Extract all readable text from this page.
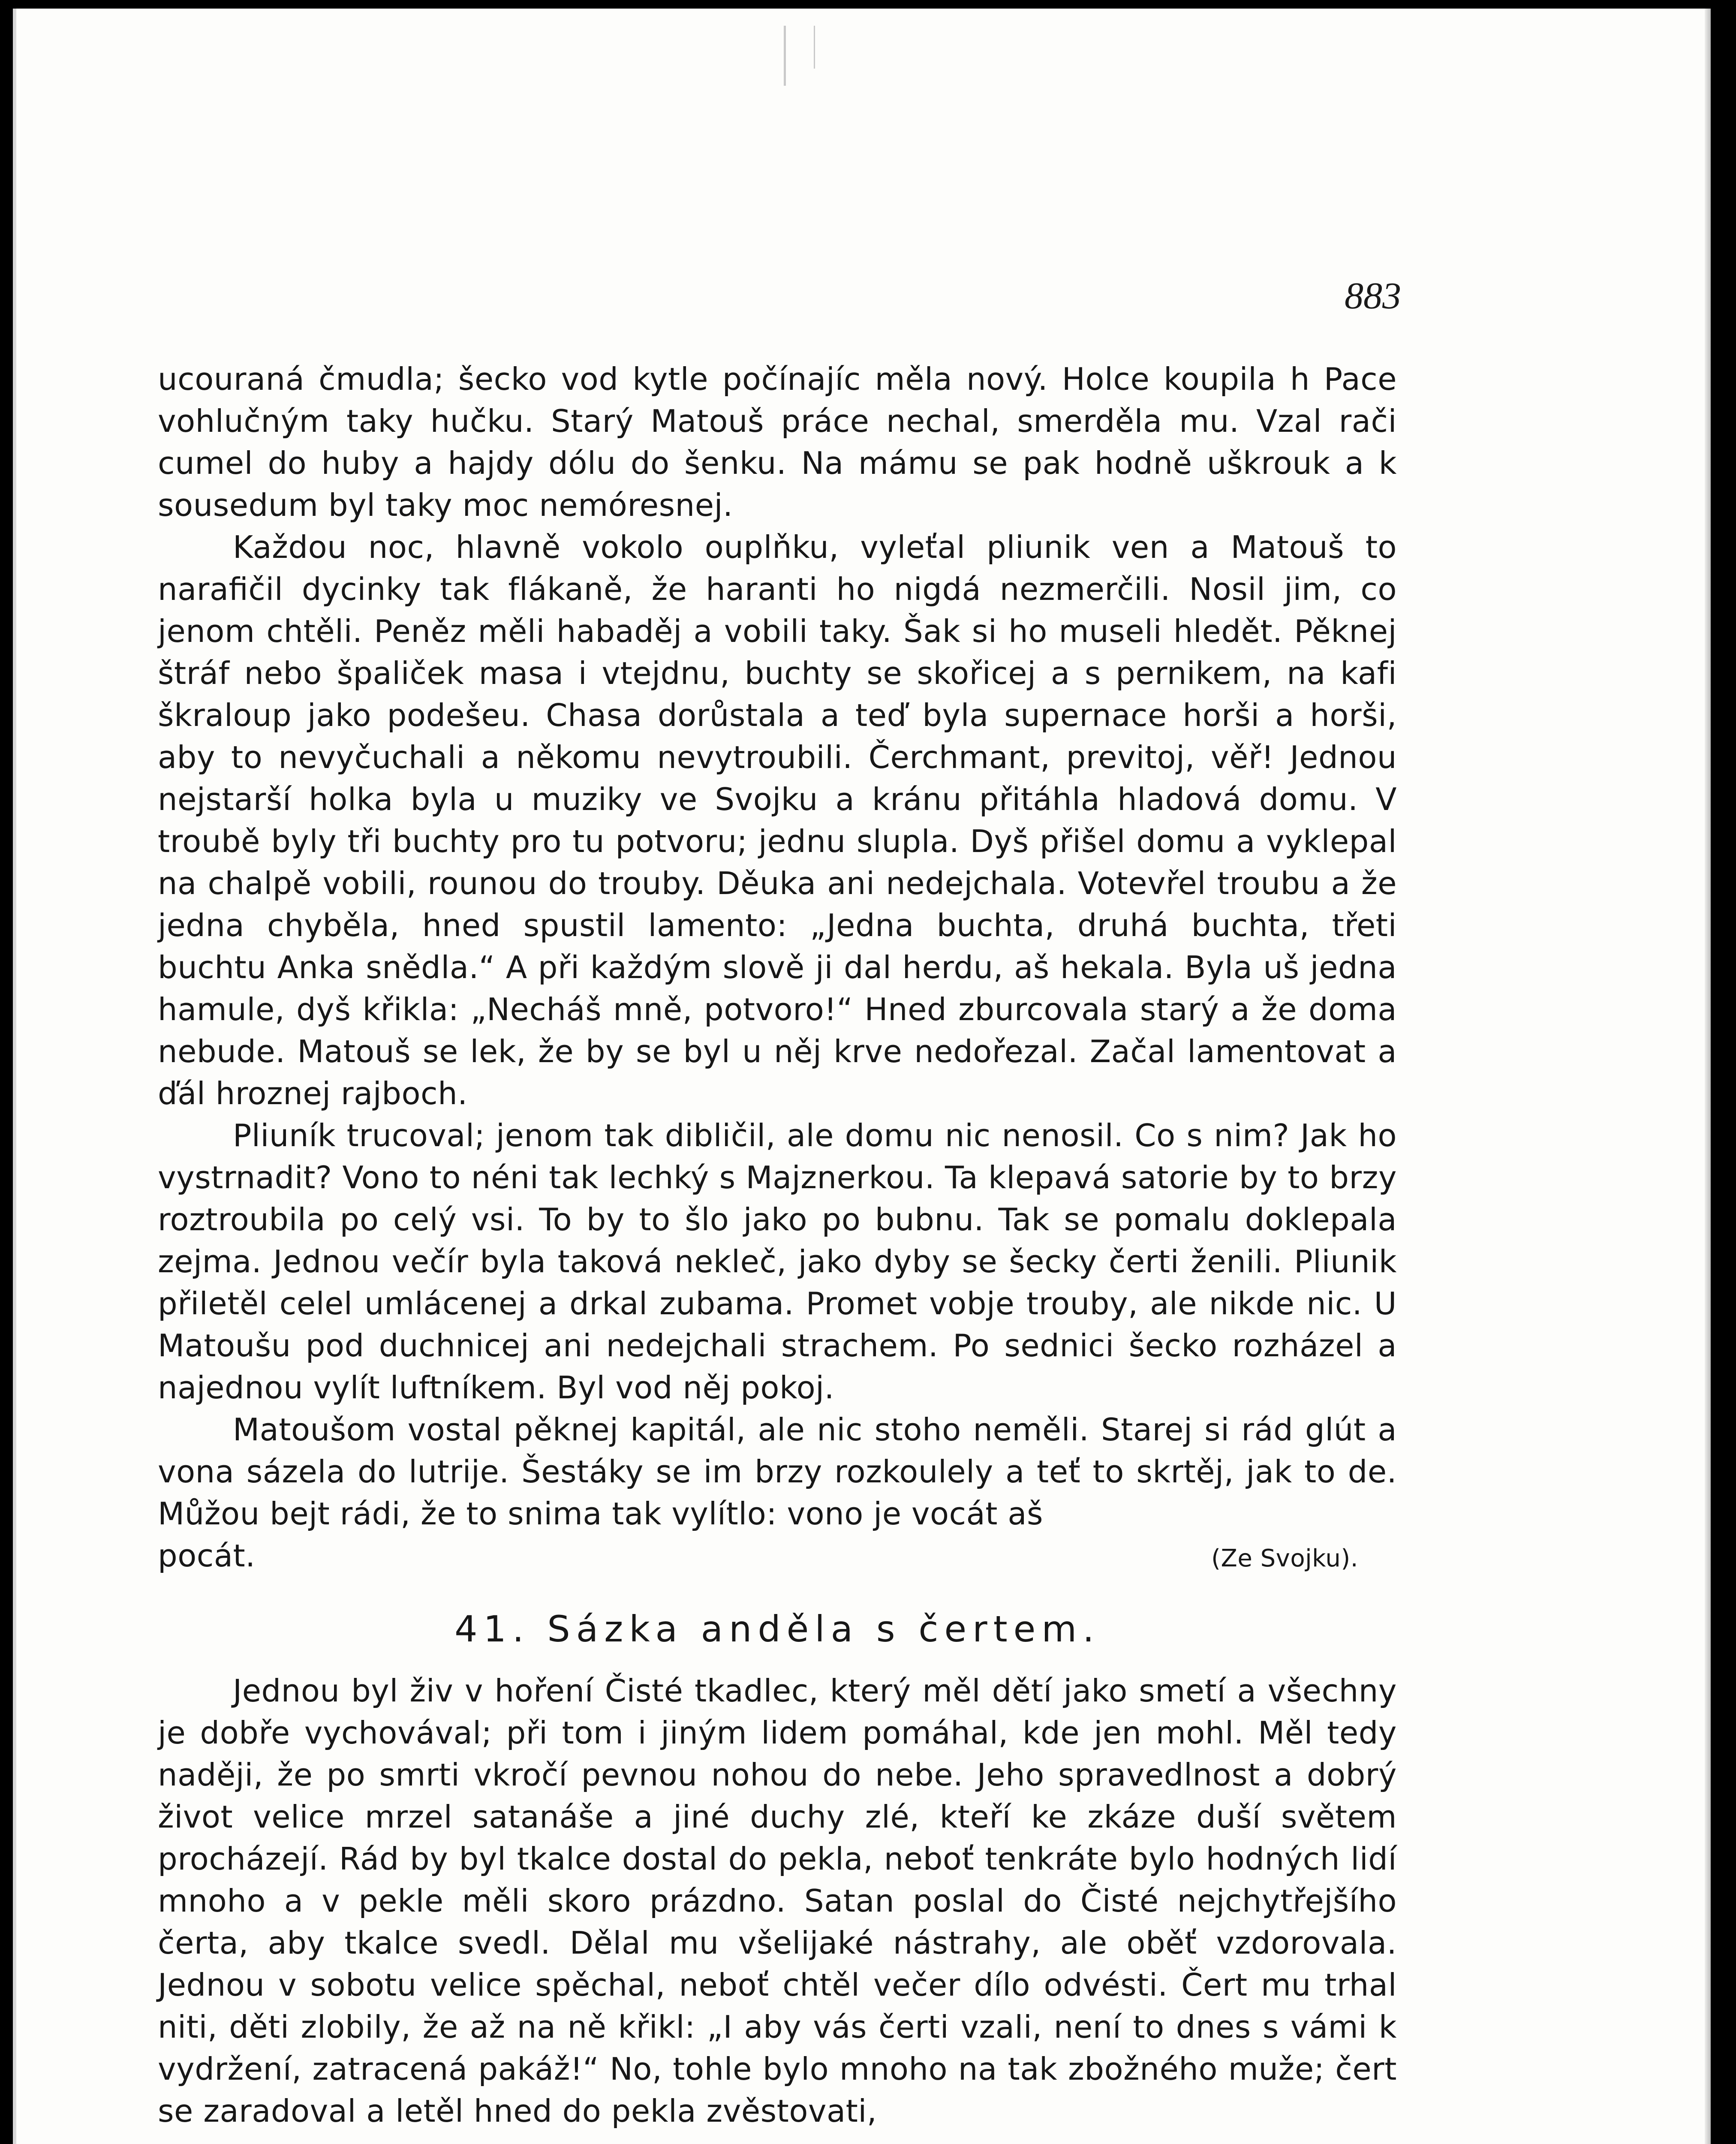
883

ucouraná čmudla; šecko vod kytle počínajíc měla nový. Holce koupila h Pace vohlučným taky hučku. Starý Matouš práce nechal, smerděla mu. Vzal rači cumel do huby a hajdy dólu do šenku. Na mámu se pak hodně uškrouk a k sousedum byl taky moc nemóresnej.

Každou noc, hlavně vokolo ouplňku, vyleťal pliunik ven a Matouš to naraﬁčil dycinky tak flákaně, že haranti ho nigdá nezmerčili. Nosil jim, co jenom chtěli. Peněz měli habaděj a vobili taky. Šak si ho museli hledět. Pěknej štráf nebo špaliček masa i vtejdnu, buchty se skořicej a s pernikem, na kafi škraloup jako podešeu. Chasa dorůstala a teď byla supernace horši a horši, aby to nevyčuchali a někomu nevytroubili. Čerchmant, previtoj, věř! Jednou nejstarší holka byla u muziky ve Svojku a kránu přitáhla hladová domu. V troubě byly tři buchty pro tu potvoru; jednu slupla. Dyš přišel domu a vyklepal na chalpě vobili, rounou do trouby. Děuka ani nedejchala. Votevřel troubu a že jedna chyběla, hned spustil lamento: „Jedna buchta, druhá buchta, třeti buchtu Anka snědla.“ A při každým slově ji dal herdu, aš hekala. Byla uš jedna hamule, dyš křikla: „Necháš mně, potvoro!“ Hned zburcovala starý a že doma nebude. Matouš se lek, že by se byl u něj krve nedořezal. Začal lamentovat a ďál hroznej rajboch.

Pliuník trucoval; jenom tak dibličil, ale domu nic nenosil. Co s nim? Jak ho vystrnadit? Vono to néni tak lechký s Majznerkou. Ta klepavá satorie by to brzy roztroubila po celý vsi. To by to šlo jako po bubnu. Tak se pomalu doklepala zejma. Jednou večír byla taková nekleč, jako dyby se šecky čerti ženili. Pliunik přiletěl celel umlácenej a drkal zubama. Promet vobje trouby, ale nikde nic. U Matoušu pod duchnicej ani nedejchali strachem. Po sednici šecko rozházel a najednou vylít luftníkem. Byl vod něj pokoj.

Matoušom vostal pěknej kapitál, ale nic stoho neměli. Starej si rád glút a vona sázela do lutrije. Šestáky se im brzy rozkoulely a teť to skrtěj, jak to de. Můžou bejt rádi, že to snima tak vylítlo: vono je vocát aš

pocát.	(Ze Svojku).
41. Sázka anděla s čertem.

Jednou byl živ v hoření Čisté tkadlec, který měl dětí jako smetí a všechny je dobře vychovával; při tom i jiným lidem pomáhal, kde jen mohl. Měl tedy naději, že po smrti vkročí pevnou nohou do nebe. Jeho spravedlnost a dobrý život velice mrzel satanáše a jiné duchy zlé, kteří ke zkáze duší světem procházejí. Rád by byl tkalce dostal do pekla, neboť tenkráte bylo hodných lidí mnoho a v pekle měli skoro prázdno. Satan poslal do Čisté nejchytřejšího čerta, aby tkalce svedl. Dělal mu všelijaké nástrahy, ale oběť vzdorovala. Jednou v sobotu velice spěchal, neboť chtěl večer dílo odvésti. Čert mu trhal niti, děti zlobily, že až na ně křikl: „I aby vás čerti vzali, není to dnes s vámi k vydržení, zatracená pakáž!“ No, tohle bylo mnoho na tak zbožného muže; čert se zaradoval a letěl hned do pekla zvěstovati,
